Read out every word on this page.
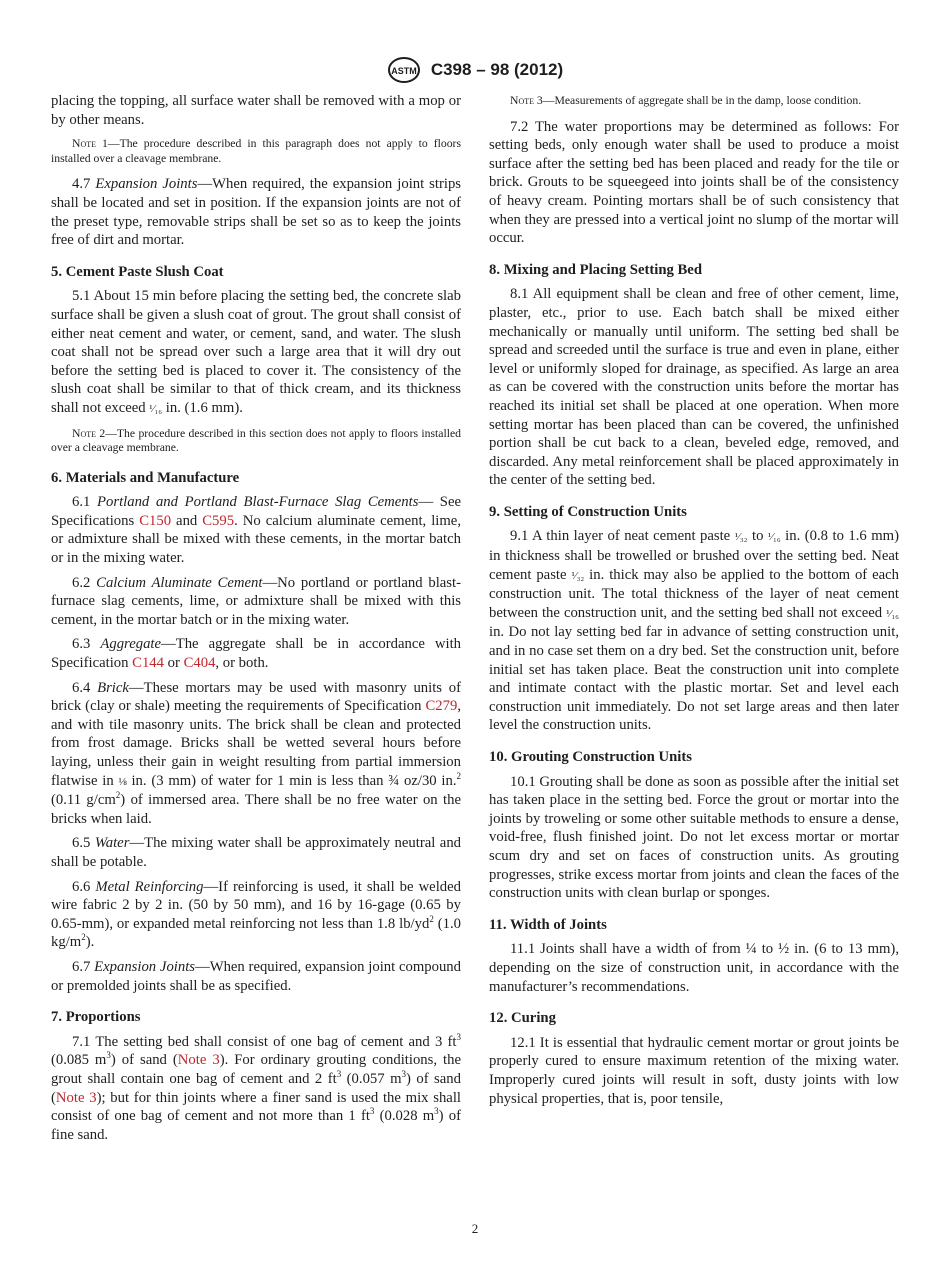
ASTM C398 – 98 (2012)

placing the topping, all surface water shall be removed with a mop or by other means.

Note 1—The procedure described in this paragraph does not apply to floors installed over a cleavage membrane.

4.7 Expansion Joints—When required, the expansion joint strips shall be located and set in position. If the expansion joints are not of the preset type, removable strips shall be set so as to keep the joints free of dirt and mortar.

5. Cement Paste Slush Coat

5.1 About 15 min before placing the setting bed, the concrete slab surface shall be given a slush coat of grout. The grout shall consist of either neat cement and water, or cement, sand, and water. The slush coat shall not be spread over such a large area that it will dry out before the setting bed is placed to cover it. The consistency of the slush coat shall be similar to that of thick cream, and its thickness shall not exceed ¹⁄₁₆ in. (1.6 mm).

Note 2—The procedure described in this section does not apply to floors installed over a cleavage membrane.

6. Materials and Manufacture

6.1 Portland and Portland Blast-Furnace Slag Cements— See Specifications C150 and C595. No calcium aluminate cement, lime, or admixture shall be mixed with these cements, in the mortar batch or in the mixing water.

6.2 Calcium Aluminate Cement—No portland or portland blast-furnace slag cements, lime, or admixture shall be mixed with this cement, in the mortar batch or in the mixing water.

6.3 Aggregate—The aggregate shall be in accordance with Specification C144 or C404, or both.

6.4 Brick—These mortars may be used with masonry units of brick (clay or shale) meeting the requirements of Specification C279, and with tile masonry units. The brick shall be clean and protected from frost damage. Bricks shall be wetted several hours before laying, unless their gain in weight resulting from partial immersion flatwise in ⅛ in. (3 mm) of water for 1 min is less than ¾ oz/30 in.$^2$ (0.11 $g/cm^2$) of immersed area. There shall be no free water on the bricks when laid.

6.5 Water—The mixing water shall be approximately neutral and shall be potable.

6.6 Metal Reinforcing—If reinforcing is used, it shall be welded wire fabric 2 by 2 in. (50 by 50 mm), and 16 by 16-gage (0.65 by 0.65-mm), or expanded metal reinforcing not less than 1.8 $lb/yd^2$ (1.0 $kg/m^2$).

6.7 Expansion Joints—When required, expansion joint compound or premolded joints shall be as specified.

7. Proportions

7.1 The setting bed shall consist of one bag of cement and 3 $ft^3$ (0.085 $m^3$) of sand (Note 3). For ordinary grouting conditions, the grout shall contain one bag of cement and 2 $ft^3$ (0.057 $m^3$) of sand (Note 3); but for thin joints where a finer sand is used the mix shall consist of one bag of cement and not more than 1 $ft^3$ (0.028 $m^3$) of fine sand.

Note 3—Measurements of aggregate shall be in the damp, loose condition.

7.2 The water proportions may be determined as follows: For setting beds, only enough water shall be used to produce a moist surface after the setting bed has been placed and ready for the tile or brick. Grouts to be squeegeed into joints shall be of the consistency of heavy cream. Pointing mortars shall be of such consistency that when they are pressed into a vertical joint no slump of the mortar will occur.

8. Mixing and Placing Setting Bed

8.1 All equipment shall be clean and free of other cement, lime, plaster, etc., prior to use. Each batch shall be mixed either mechanically or manually until uniform. The setting bed shall be spread and screeded until the surface is true and even in plane, either level or uniformly sloped for drainage, as specified. As large an area as can be covered with the construction units before the mortar has reached its initial set shall be placed at one operation. When more setting mortar has been placed than can be covered, the unfinished portion shall be cut back to a clean, beveled edge, removed, and discarded. Any metal reinforcement shall be placed approximately in the center of the setting bed.

9. Setting of Construction Units

9.1 A thin layer of neat cement paste ¹⁄₃₂ to ¹⁄₁₆ in. (0.8 to 1.6 mm) in thickness shall be trowelled or brushed over the setting bed. Neat cement paste ¹⁄₃₂ in. thick may also be applied to the bottom of each construction unit. The total thickness of the layer of neat cement between the construction unit, and the setting bed shall not exceed ¹⁄₁₆ in. Do not lay setting bed far in advance of setting construction unit, and in no case set them on a dry bed. Set the construction unit, before initial set has taken place. Beat the construction unit into complete and intimate contact with the plastic mortar. Set and level each construction unit immediately. Do not set large areas and then later level the construction units.

10. Grouting Construction Units

10.1 Grouting shall be done as soon as possible after the initial set has taken place in the setting bed. Force the grout or mortar into the joints by troweling or some other suitable methods to ensure a dense, void-free, flush finished joint. Do not let excess mortar or mortar scum dry and set on faces of construction units. As grouting progresses, strike excess mortar from joints and clean the faces of the construction units with clean burlap or sponges.

11. Width of Joints

11.1 Joints shall have a width of from ¼ to ½ in. (6 to 13 mm), depending on the size of construction unit, in accordance with the manufacturer’s recommendations.

12. Curing

12.1 It is essential that hydraulic cement mortar or grout joints be properly cured to ensure maximum retention of the mixing water. Improperly cured joints will result in soft, dusty joints with low physical properties, that is, poor tensile,

2
